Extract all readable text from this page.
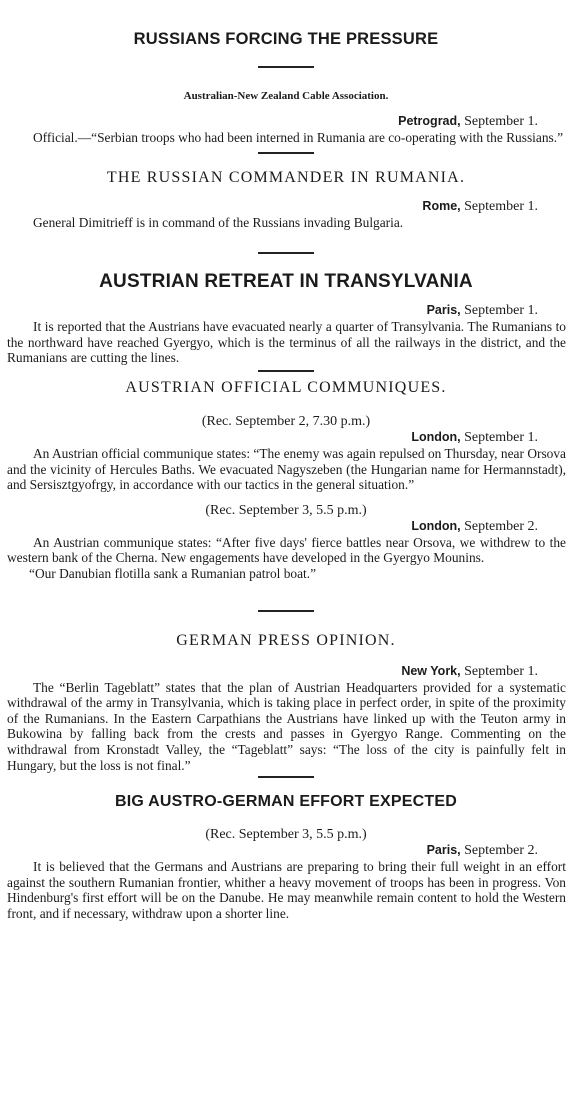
RUSSIANS FORCING THE PRESSURE

Australian-New Zealand Cable Association.

Petrograd, September 1.

Official.—“Serbian troops who had been interned in Rumania are co-operating with the Russians.”

THE RUSSIAN COMMANDER IN RUMANIA.

Rome, September 1.

General Dimitrieff is in command of the Russians invading Bulgaria.

AUSTRIAN RETREAT IN TRANSYLVANIA

Paris, September 1.

It is reported that the Austrians have evacuated nearly a quarter of Transylvania. The Rumanians to the northward have reached Gyergyo, which is the terminus of all the railways in the district, and the Rumanians are cutting the lines.

AUSTRIAN OFFICIAL COMMUNIQUES.

(Rec. September 2, 7.30 p.m.)

London, September 1.

An Austrian official communique states: “The enemy was again repulsed on Thursday, near Orsova and the vicinity of Hercules Baths. We evacuated Nagyszeben (the Hungarian name for Hermannstadt), and Sersisztgyofrgy, in accordance with our tactics in the general situation.”

(Rec. September 3, 5.5 p.m.)

London, September 2.

An Austrian communique states: “After five days' fierce battles near Orsova, we withdrew to the western bank of the Cherna. New engagements have developed in the Gyergyo Mounins.

“Our Danubian flotilla sank a Rumanian patrol boat.”

GERMAN PRESS OPINION.

New York, September 1.

The “Berlin Tageblatt” states that the plan of Austrian Headquarters provided for a systematic withdrawal of the army in Transylvania, which is taking place in perfect order, in spite of the proximity of the Rumanians. In the Eastern Carpathians the Austrians have linked up with the Teuton army in Bukowina by falling back from the crests and passes in Gyergyo Range. Commenting on the withdrawal from Kronstadt Valley, the “Tageblatt” says: “The loss of the city is painfully felt in Hungary, but the loss is not final.”

BIG AUSTRO-GERMAN EFFORT EXPECTED

(Rec. September 3, 5.5 p.m.)

Paris, September 2.

It is believed that the Germans and Austrians are preparing to bring their full weight in an effort against the southern Rumanian frontier, whither a heavy movement of troops has been in progress. Von Hindenburg's first effort will be on the Danube. He may meanwhile remain content to hold the Western front, and if necessary, withdraw upon a shorter line.
